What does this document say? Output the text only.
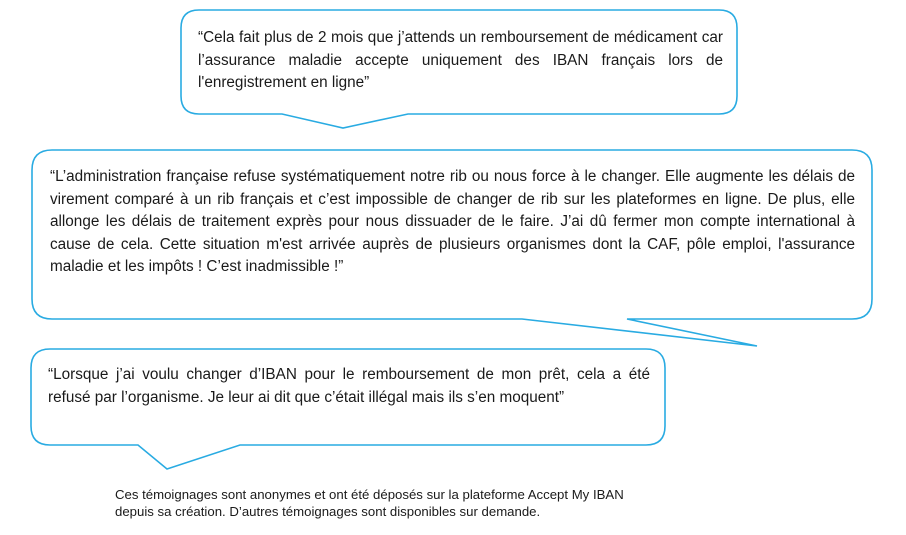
“Cela fait plus de 2 mois que j’attends un remboursement de médicament car l’assurance maladie accepte uniquement des IBAN français lors de l'enregistrement en ligne”

“L’administration française refuse systématiquement notre rib ou nous force à le changer. Elle augmente les délais de virement comparé à un rib français et c’est impossible de changer de rib sur les plateformes en ligne. De plus, elle allonge les délais de traitement exprès pour nous dissuader de le faire. J’ai dû fermer mon compte international à cause de cela. Cette situation m'est arrivée auprès de plusieurs organismes dont la CAF, pôle emploi, l'assurance maladie et les impôts ! C’est inadmissible !”

“Lorsque j’ai voulu changer d’IBAN pour le remboursement de mon prêt, cela a été refusé par l’organisme. Je leur ai dit que c’était illégal mais ils s’en moquent”

Ces témoignages sont anonymes et ont été déposés sur la plateforme Accept My IBAN
depuis sa création. D’autres témoignages sont disponibles sur demande.
